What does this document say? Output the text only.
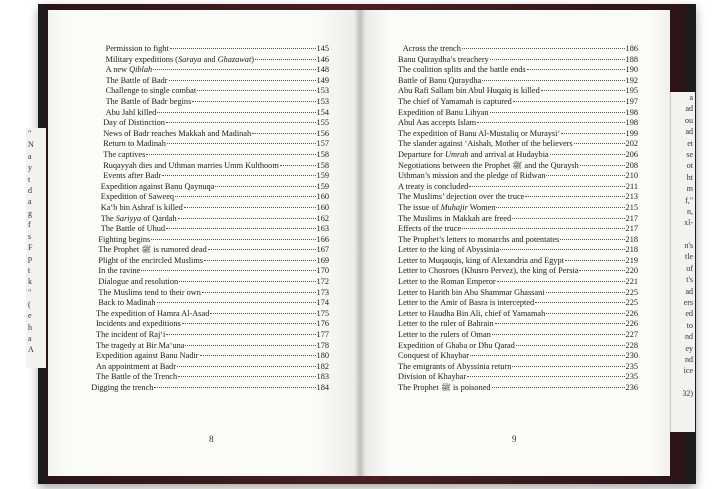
"
N
a
y
t
d
a
g
f
s
F
p
t
k
"
(
e
h
a
A
a
ad
ou
ad
et
se
ot
ht
m
f,"
n,
xl-
n's
tle
of
t's
ad
ers
ed
to
nd
ey
nd
ice
32)
Permission to fight	145
Military expeditions (Saraya and Ghazawat)	146
A new Qiblah	148
The Battle of Badr	149
Challenge to single combat	153
The Battle of Badr begins	153
Abu Jahl killed	154
Day of Distinction	155
News of Badr reaches Makkah and Madinah	156
Return to Madinah	157
The captives	158
Ruqayyah dies and Uthman marries Umm Kulthoom	158
Events after Badr	159
Expedition against Banu Qaynuqa	159
Expedition of Saweeq	160
Ka‘b bin Ashraf is killed	160
The Sariyya of Qardah	162
The Battle of Uhud	163
Fighting begins	166
The Prophet ﷺ is rumored dead	167
Plight of the encircled Muslims	169
In the ravine	170
Dialogue and resolution	172
The Muslims tend to their own	173
Back to Madinah	174
The expedition of Hamra Al-Asad	175
Incidents and expeditions	176
The incident of Raj‘i	177
The tragedy at Bir Ma‘una	178
Expedition against Banu Nadir	180
An appointment at Badr	182
The Battle of the Trench	183
Digging the trench	184
Across the trench	186
Banu Quraydha’s treachery	188
The coalition splits and the battle ends	190
Battle of Banu Quraydha	192
Abu Rafi Sallam bin Abul Huqaiq is killed	195
The chief of Yamamah is captured	197
Expedition of Banu Lihyan	198
Abul Aas accepts Islam	198
The expedition of Banu Al-Mustaliq or Muraysi‘	199
The slander against ‘Aishah, Mother of the believers	202
Departure for Umrah and arrival at Hudaybia	206
Negotiations between the Prophet ﷺ and the Quraysh	208
Uthman’s mission and the pledge of Ridwan	210
A treaty is concluded	211
The Muslims’ dejection over the truce	213
The issue of Muhajir Women	215
The Muslims in Makkah are freed	217
Effects of the truce	217
The Prophet’s letters to monarchs and potentates	218
Letter to the king of Abyssinia	218
Letter to Muqauqis, king of Alexandria and Egypt	219
Letter to Chosroes (Khusro Pervez), the king of Persia	220
Letter to the Roman Emperor	221
Letter to Harith bin Abu Shammar Ghassani	225
Letter to the Amir of Basra is intercepted	225
Letter to Haudha Bin Ali, chief of Yamamah	226
Letter to the ruler of Bahrain	226
Letter to the rulers of Oman	227
Expedition of Ghaba or Dhu Qarad	228
Conquest of Khaybar	230
The emigrants of Abyssinia return	235
Division of Khaybar	235
The Prophet ﷺ is poisoned	236
8	9
